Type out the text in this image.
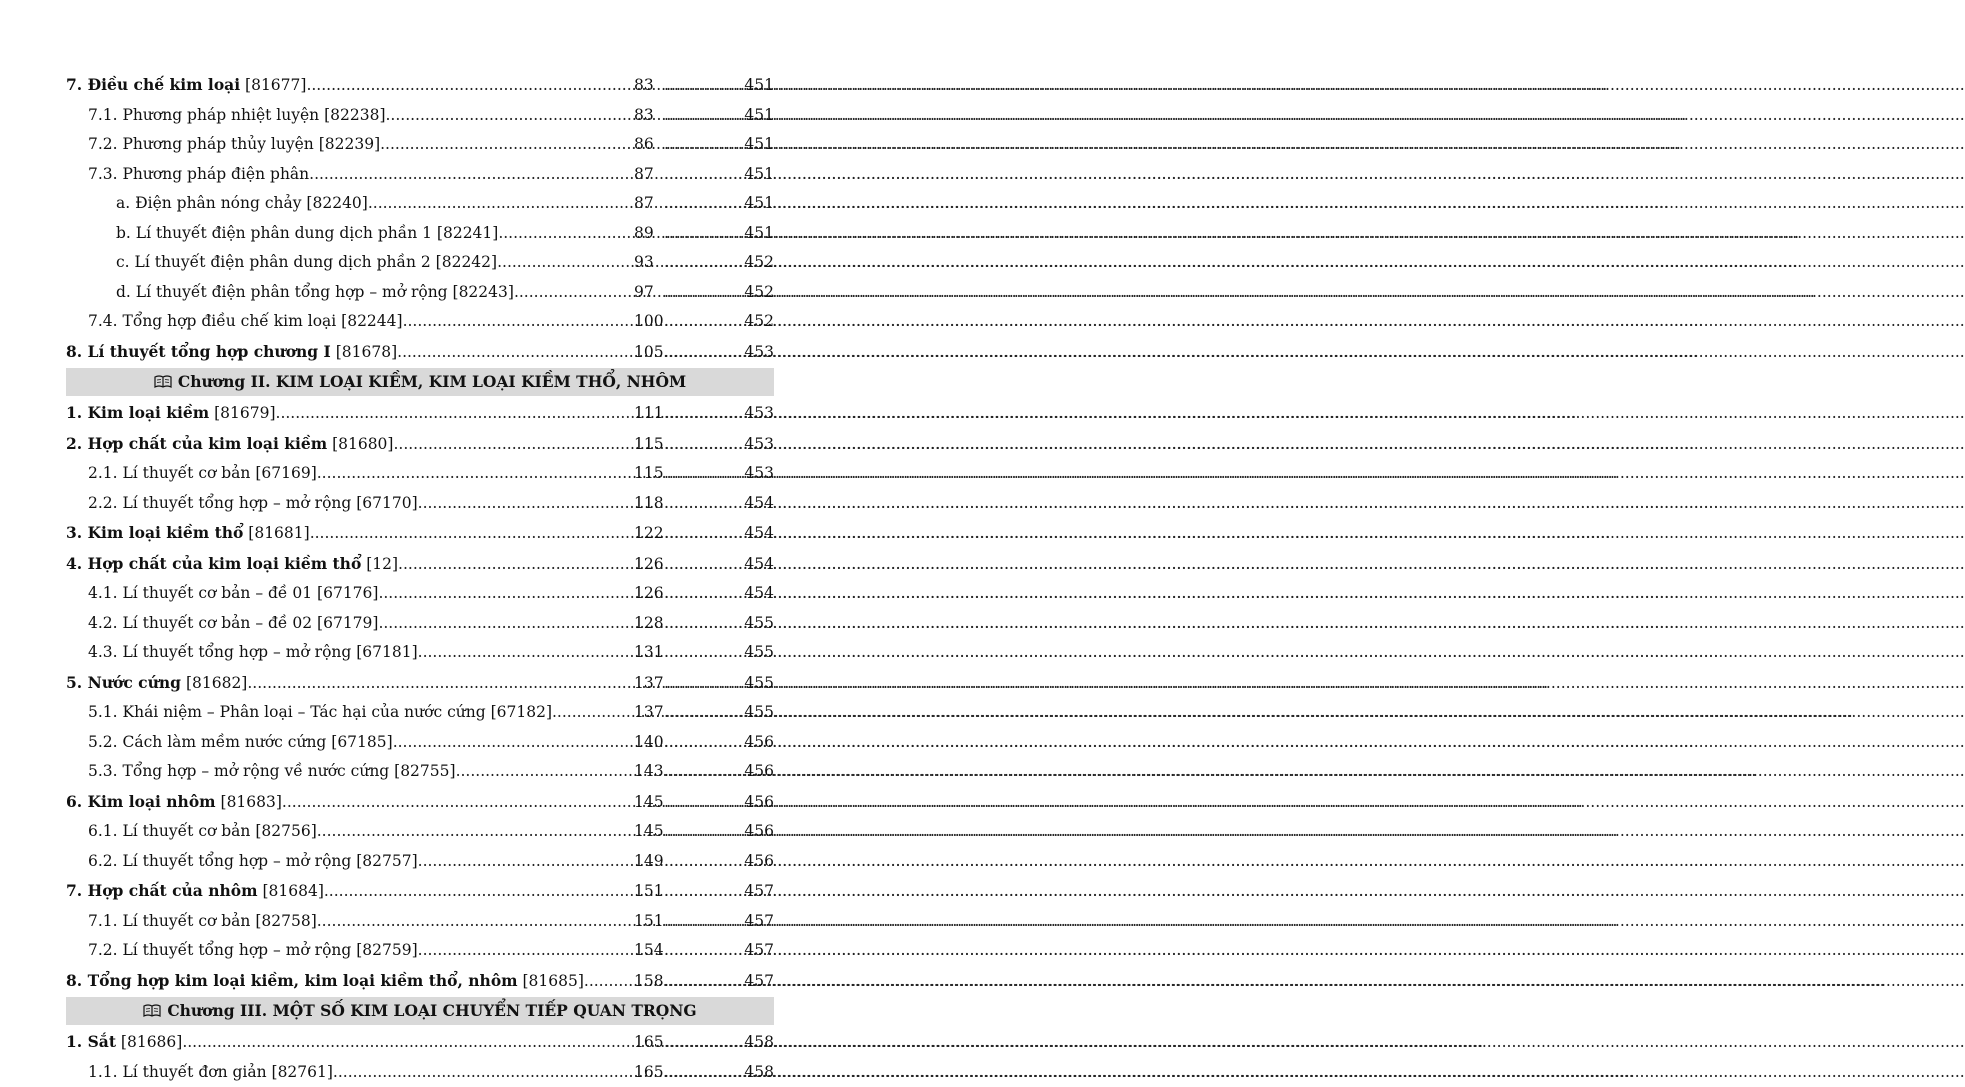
7. Điều chế kim loại [81677] .....	83 .....	451
7.1. Phương pháp nhiệt luyện [82238] .....	83 .....	451
7.2. Phương pháp thủy luyện [82239] .....	86 .....	451
7.3. Phương pháp điện phân .....	87 .....	451
a. Điện phân nóng chảy [82240] .....	87 .....	451
b. Lí thuyết điện phân dung dịch phần 1 [82241] .....	89 .....	451
c. Lí thuyết điện phân dung dịch phần 2 [82242] .....	93 .....	452
d. Lí thuyết điện phân tổng hợp – mở rộng [82243] .....	97 .....	452
7.4. Tổng hợp điều chế kim loại [82244] .....	100 .....	452
8. Lí thuyết tổng hợp chương I [81678] .....	105 .....	453
Chương II. KIM LOẠI KIỀM, KIM LOẠI KIỀM THỔ, NHÔM
1. Kim loại kiềm [81679] .....	111 .....	453
2. Hợp chất của kim loại kiềm [81680] .....	115 .....	453
2.1. Lí thuyết cơ bản [67169] .....	115 .....	453
2.2. Lí thuyết tổng hợp – mở rộng [67170] .....	118 .....	454
3. Kim loại kiềm thổ [81681] .....	122 .....	454
4. Hợp chất của kim loại kiềm thổ [12] .....	126 .....	454
4.1. Lí thuyết cơ bản – đề 01 [67176] .....	126 .....	454
4.2. Lí thuyết cơ bản – đề 02 [67179] .....	128 .....	455
4.3. Lí thuyết tổng hợp – mở rộng [67181] .....	131 .....	455
5. Nước cứng [81682] .....	137 .....	455
5.1. Khái niệm – Phân loại – Tác hại của nước cứng [67182] .....	137 .....	455
5.2. Cách làm mềm nước cứng [67185] .....	140 .....	456
5.3. Tổng hợp – mở rộng về nước cứng [82755] .....	143 .....	456
6. Kim loại nhôm [81683] .....	145 .....	456
6.1. Lí thuyết cơ bản [82756] .....	145 .....	456
6.2. Lí thuyết tổng hợp – mở rộng [82757] .....	149 .....	456
7. Hợp chất của nhôm [81684] .....	151 .....	457
7.1. Lí thuyết cơ bản [82758] .....	151 .....	457
7.2. Lí thuyết tổng hợp – mở rộng [82759] .....	154 .....	457
8. Tổng hợp kim loại kiềm, kim loại kiềm thổ, nhôm [81685] .....	158 .....	457
Chương III. MỘT SỐ KIM LOẠI CHUYỂN TIẾP QUAN TRỌNG
1. Sắt [81686] .....	165 .....	458
1.1. Lí thuyết đơn giản [82761] .....	165 .....	458
